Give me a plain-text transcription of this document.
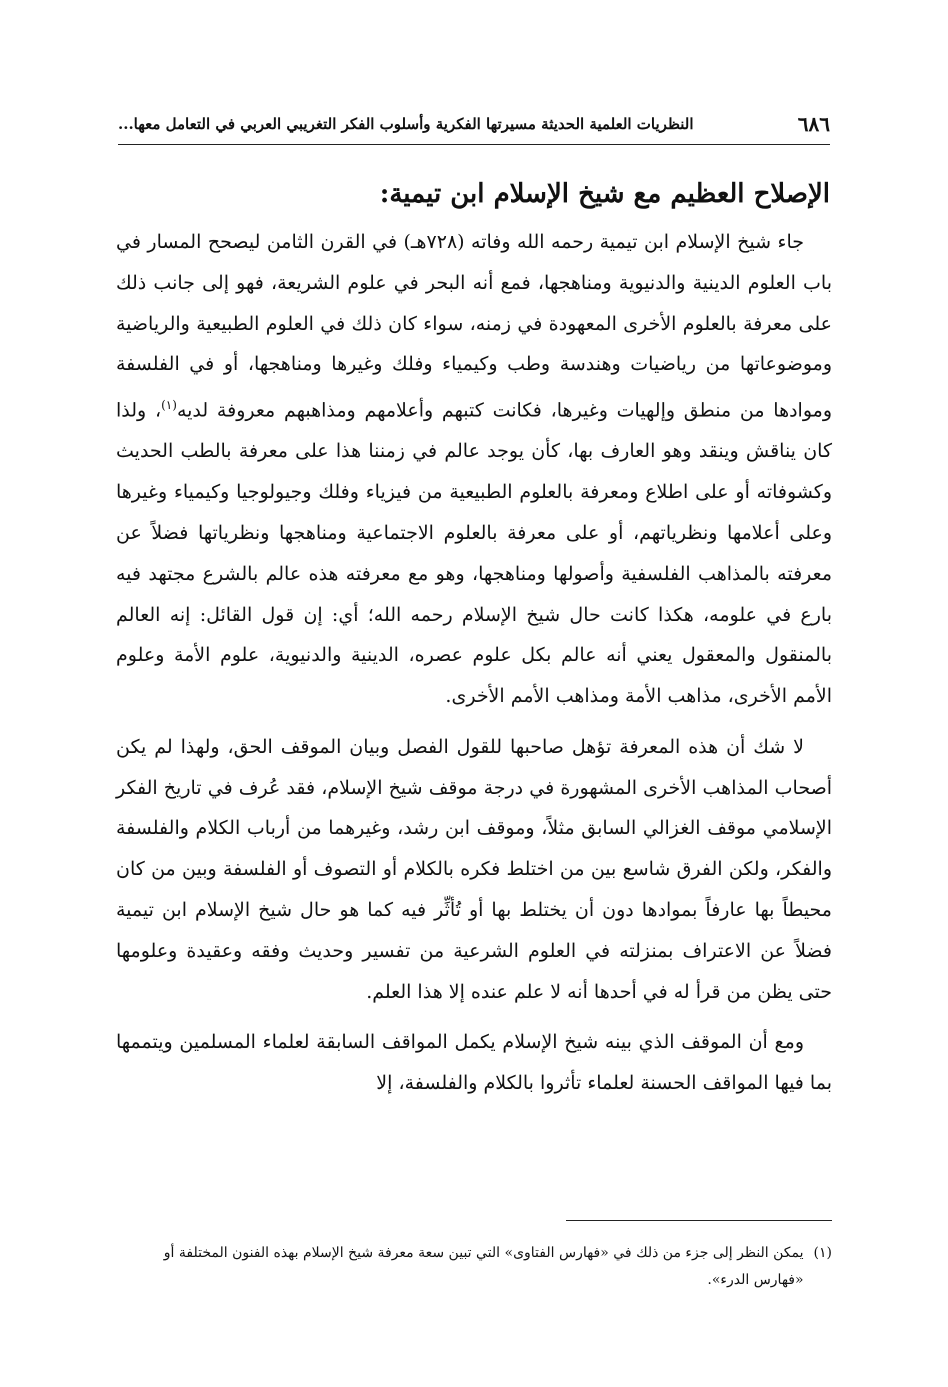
٦٨٦
النظريات العلمية الحديثة مسيرتها الفكرية وأسلوب الفكر التغريبي العربي في التعامل معها...
الإصلاح العظيم مع شيخ الإسلام ابن تيمية:

جاء شيخ الإسلام ابن تيمية رحمه الله وفاته (٧٢٨هـ) في القرن الثامن ليصحح المسار في باب العلوم الدينية والدنيوية ومناهجها، فمع أنه البحر في علوم الشريعة، فهو إلى جانب ذلك على معرفة بالعلوم الأخرى المعهودة في زمنه، سواء كان ذلك في العلوم الطبيعية والرياضية وموضوعاتها من رياضيات وهندسة وطب وكيمياء وفلك وغيرها ومناهجها، أو في الفلسفة وموادها من منطق وإلهيات وغيرها، فكانت كتبهم وأعلامهم ومذاهبهم معروفة لديه$^{(١)}$، ولذا كان يناقش وينقد وهو العارف بها، كأن يوجد عالم في زمننا هذا على معرفة بالطب الحديث وكشوفاته أو على اطلاع ومعرفة بالعلوم الطبيعية من فيزياء وفلك وجيولوجيا وكيمياء وغيرها وعلى أعلامها ونظرياتهم، أو على معرفة بالعلوم الاجتماعية ومناهجها ونظرياتها فضلاً عن معرفته بالمذاهب الفلسفية وأصولها ومناهجها، وهو مع معرفته هذه عالم بالشرع مجتهد فيه بارع في علومه، هكذا كانت حال شيخ الإسلام رحمه الله؛ أي: إن قول القائل: إنه العالم بالمنقول والمعقول يعني أنه عالم بكل علوم عصره، الدينية والدنيوية، علوم الأمة وعلوم الأمم الأخرى، مذاهب الأمة ومذاهب الأمم الأخرى.

لا شك أن هذه المعرفة تؤهل صاحبها للقول الفصل وبيان الموقف الحق، ولهذا لم يكن أصحاب المذاهب الأخرى المشهورة في درجة موقف شيخ الإسلام، فقد عُرف في تاريخ الفكر الإسلامي موقف الغزالي السابق مثلاً، وموقف ابن رشد، وغيرهما من أرباب الكلام والفلسفة والفكر، ولكن الفرق شاسع بين من اختلط فكره بالكلام أو التصوف أو الفلسفة وبين من كان محيطاً بها عارفاً بموادها دون أن يختلط بها أو تُأثِّر فيه كما هو حال شيخ الإسلام ابن تيمية فضلاً عن الاعتراف بمنزلته في العلوم الشرعية من تفسير وحديث وفقه وعقيدة وعلومها حتى يظن من قرأ له في أحدها أنه لا علم عنده إلا هذا العلم.

ومع أن الموقف الذي بينه شيخ الإسلام يكمل المواقف السابقة لعلماء المسلمين ويتممها بما فيها المواقف الحسنة لعلماء تأثروا بالكلام والفلسفة، إلا

(١)
يمكن النظر إلى جزء من ذلك في «فهارس الفتاوى» التي تبين سعة معرفة شيخ الإسلام بهذه الفنون المختلفة أو «فهارس الدرء».
